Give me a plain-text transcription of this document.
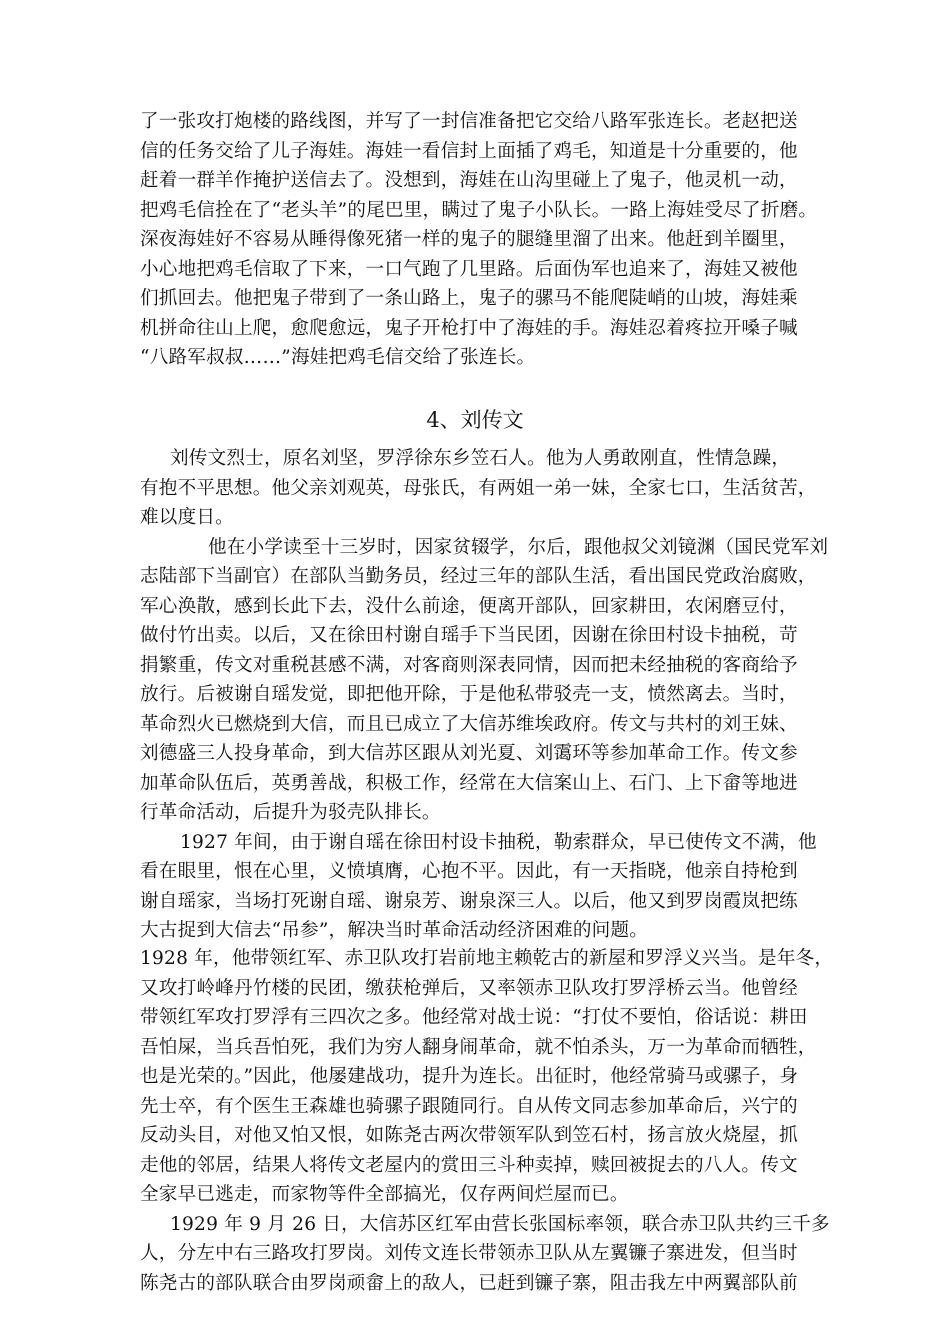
了一张攻打炮楼的路线图，并写了一封信准备把它交给八路军张连长。老赵把送
信的任务交给了儿子海娃。海娃一看信封上面插了鸡毛，知道是十分重要的，他
赶着一群羊作掩护送信去了。没想到，海娃在山沟里碰上了鬼子，他灵机一动，
把鸡毛信拴在了“老头羊”的尾巴里，瞒过了鬼子小队长。一路上海娃受尽了折磨。
深夜海娃好不容易从睡得像死猪一样的鬼子的腿缝里溜了出来。他赶到羊圈里，
小心地把鸡毛信取了下来，一口气跑了几里路。后面伪军也追来了，海娃又被他
们抓回去。他把鬼子带到了一条山路上，鬼子的骡马不能爬陡峭的山坡，海娃乘
机拼命往山上爬，愈爬愈远，鬼子开枪打中了海娃的手。海娃忍着疼拉开嗓子喊
“八路军叔叔……”海娃把鸡毛信交给了张连长。
4、刘传文
刘传文烈士，原名刘坚，罗浮徐东乡笠石人。他为人勇敢刚直，性情急躁，
有抱不平思想。他父亲刘观英，母张氏，有两姐一弟一妹，全家七口，生活贫苦，
难以度日。
他在小学读至十三岁时，因家贫辍学，尔后，跟他叔父刘镜渊（国民党军刘
志陆部下当副官）在部队当勤务员，经过三年的部队生活，看出国民党政治腐败，
军心涣散，感到长此下去，没什么前途，便离开部队，回家耕田，农闲磨豆付，
做付竹出卖。以后，又在徐田村谢自瑶手下当民团，因谢在徐田村设卡抽税，苛
捐繁重，传文对重税甚感不满，对客商则深表同情，因而把未经抽税的客商给予
放行。后被谢自瑶发觉，即把他开除，于是他私带驳壳一支，愤然离去。当时，
革命烈火已燃烧到大信，而且已成立了大信苏维埃政府。传文与共村的刘王妹、
刘德盛三人投身革命，到大信苏区跟从刘光夏、刘霭环等参加革命工作。传文参
加革命队伍后，英勇善战，积极工作，经常在大信案山上、石门、上下畲等地进
行革命活动，后提升为驳壳队排长。
1927 年间，由于谢自瑶在徐田村设卡抽税，勒索群众，早已使传文不满，他
看在眼里，恨在心里，义愤填膺，心抱不平。因此，有一天指晓，他亲自持枪到
谢自瑶家，当场打死谢自瑶、谢泉芳、谢泉深三人。以后，他又到罗岗霞岚把练
大古捉到大信去“吊参”，解决当时革命活动经济困难的问题。
1928 年，他带领红军、赤卫队攻打岩前地主赖乾古的新屋和罗浮义兴当。是年冬，
又攻打岭峰丹竹楼的民团，缴获枪弹后，又率领赤卫队攻打罗浮桥云当。他曾经
带领红军攻打罗浮有三四次之多。他经常对战士说：“打仗不要怕，俗话说：耕田
吾怕屎，当兵吾怕死，我们为穷人翻身闹革命，就不怕杀头，万一为革命而牺牲，
也是光荣的。”因此，他屡建战功，提升为连长。出征时，他经常骑马或骡子，身
先士卒，有个医生王森雄也骑骡子跟随同行。自从传文同志参加革命后，兴宁的
反动头目，对他又怕又恨，如陈尧古两次带领军队到笠石村，扬言放火烧屋，抓
走他的邻居，结果人将传文老屋内的赏田三斗种卖掉，赎回被捉去的八人。传文
全家早已逃走，而家物等件全部搞光，仅存两间烂屋而已。
1929 年 9 月 26 日，大信苏区红军由营长张国标率领，联合赤卫队共约三千多
人，分左中右三路攻打罗岗。刘传文连长带领赤卫队从左翼镰子寨进发，但当时
陈尧古的部队联合由罗岗顽畲上的敌人，已赶到镰子寨，阻击我左中两翼部队前
